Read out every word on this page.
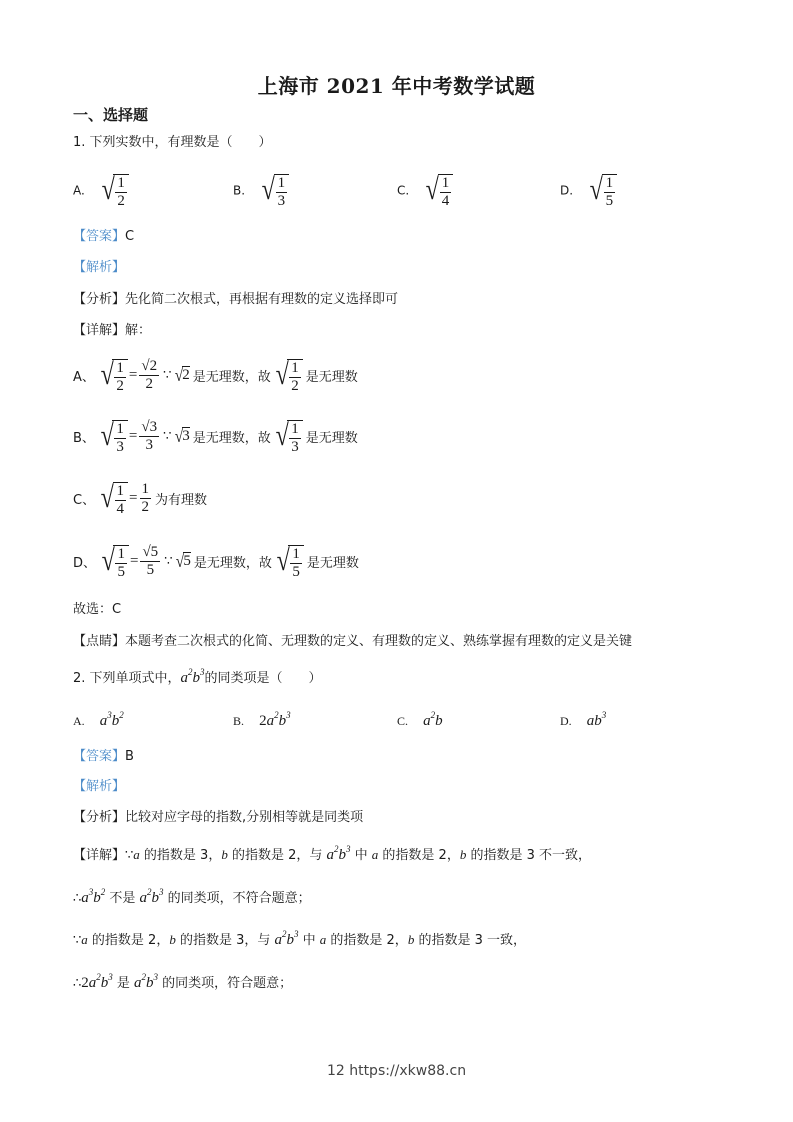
上海市 2021 年中考数学试题
一、选择题
1. 下列实数中，有理数是（　　）
A. √ $\frac{1}{2}$	B. √ $\frac{1}{3}$	C. √ $\frac{1}{4}$	D. √ $\frac{1}{5}$
【答案】C
【解析】
【分析】先化简二次根式，再根据有理数的定义选择即可
【详解】解：
A、 √ $\frac{1}{2} = \frac{√2}{2}$ ∵ √
2 是无理数，故 √ $\frac{1}{2}$ 是无理数
B、 √ $\frac{1}{3} = \frac{√3}{3}$ ∵ √
3 是无理数，故 √ $\frac{1}{3}$ 是无理数
C、 √ $\frac{1}{4} = \frac{1}{2}$ 为有理数
D、 √ $\frac{1}{5} = \frac{√5}{5}$ ∵ √
5 是无理数，故 √ $\frac{1}{5}$ 是无理数
故选：C
【点睛】本题考查二次根式的化简、无理数的定义、有理数的定义、熟练掌握有理数的定义是关键
2. 下列单项式中，$a^2b^3$的同类项是（　　）
A. $a^3b^2$	B. $2a^2b^3$	C. $a^2b$	D. $ab^3$
【答案】B
【解析】
【分析】比较对应字母的指数,分别相等就是同类项
【详解】∵a 的指数是 3，b 的指数是 2，与 $a^2b^3$ 中 a 的指数是 2，b 的指数是 3 不一致，
$\therefore a^3b^2$ 不是 $a^2b^3$ 的同类项，不符合题意；
∵a 的指数是 2，b 的指数是 3，与 $a^2b^3$ 中 a 的指数是 2，b 的指数是 3 一致，
$\therefore 2a^2b^3$ 是 $a^2b^3$ 的同类项，符合题意；
12 https://xkw88.cn
